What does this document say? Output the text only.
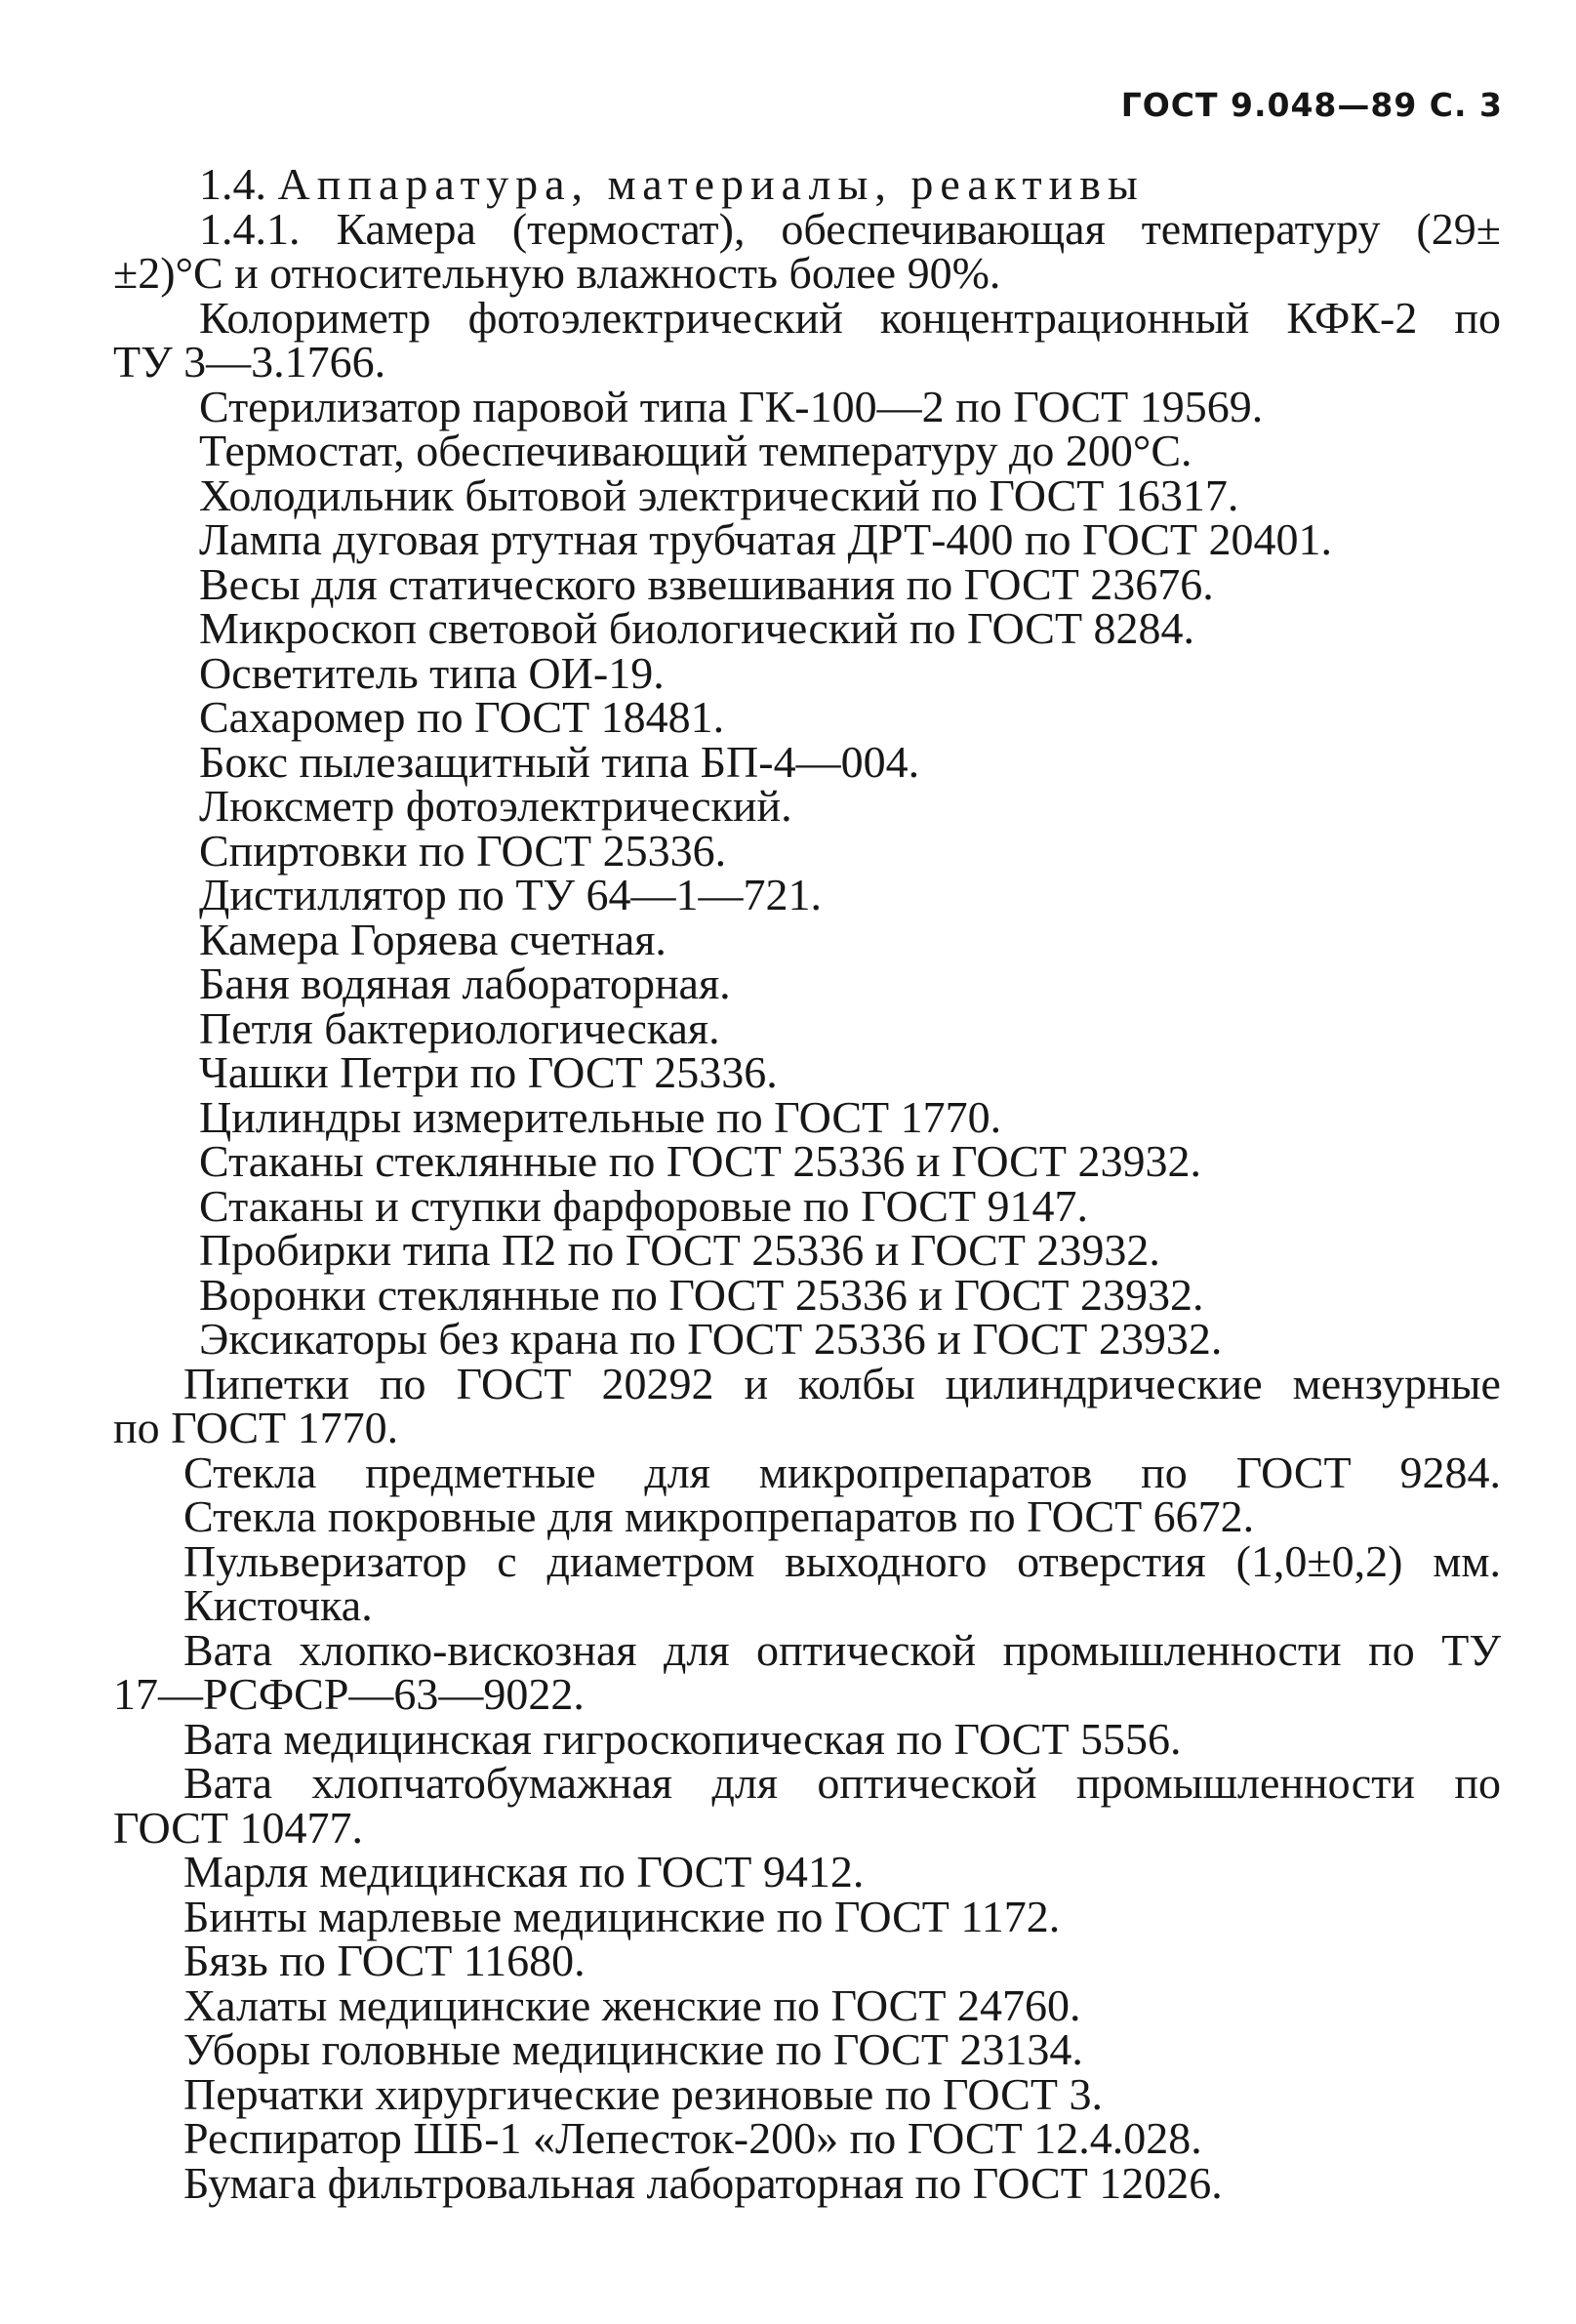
ГОСТ 9.048—89 С. 3
1.4. Аппаратура, материалы, реактивы
1.4.1. Камера (термостат), обеспечивающая температуру (29±
±2)°С и относительную влажность более 90%.
Колориметр фотоэлектрический концентрационный КФК-2 по
ТУ 3—3.1766.
Стерилизатор паровой типа ГК-100—2 по ГОСТ 19569.
Термостат, обеспечивающий температуру до 200°С.
Холодильник бытовой электрический по ГОСТ 16317.
Лампа дуговая ртутная трубчатая ДРТ-400 по ГОСТ 20401.
Весы для статического взвешивания по ГОСТ 23676.
Микроскоп световой биологический по ГОСТ 8284.
Осветитель типа ОИ-19.
Сахаромер по ГОСТ 18481.
Бокс пылезащитный типа БП-4—004.
Люксметр фотоэлектрический.
Спиртовки по ГОСТ 25336.
Дистиллятор по ТУ 64—1—721.
Камера Горяева счетная.
Баня водяная лабораторная.
Петля бактериологическая.
Чашки Петри по ГОСТ 25336.
Цилиндры измерительные по ГОСТ 1770.
Стаканы стеклянные по ГОСТ 25336 и ГОСТ 23932.
Стаканы и ступки фарфоровые по ГОСТ 9147.
Пробирки типа П2 по ГОСТ 25336 и ГОСТ 23932.
Воронки стеклянные по ГОСТ 25336 и ГОСТ 23932.
Эксикаторы без крана по ГОСТ 25336 и ГОСТ 23932.
Пипетки по ГОСТ 20292 и колбы цилиндрические мензурные
по ГОСТ 1770.
Стекла предметные для микропрепаратов по ГОСТ 9284.
Стекла покровные для микропрепаратов по ГОСТ 6672.
Пульверизатор с диаметром выходного отверстия (1,0±0,2) мм.
Кисточка.
Вата хлопко-вискозная для оптической промышленности по ТУ
17—РСФСР—63—9022.
Вата медицинская гигроскопическая по ГОСТ 5556.
Вата хлопчатобумажная для оптической промышленности по
ГОСТ 10477.
Марля медицинская по ГОСТ 9412.
Бинты марлевые медицинские по ГОСТ 1172.
Бязь по ГОСТ 11680.
Халаты медицинские женские по ГОСТ 24760.
Уборы головные медицинские по ГОСТ 23134.
Перчатки хирургические резиновые по ГОСТ 3.
Респиратор ШБ-1 «Лепесток-200» по ГОСТ 12.4.028.
Бумага фильтровальная лабораторная по ГОСТ 12026.
